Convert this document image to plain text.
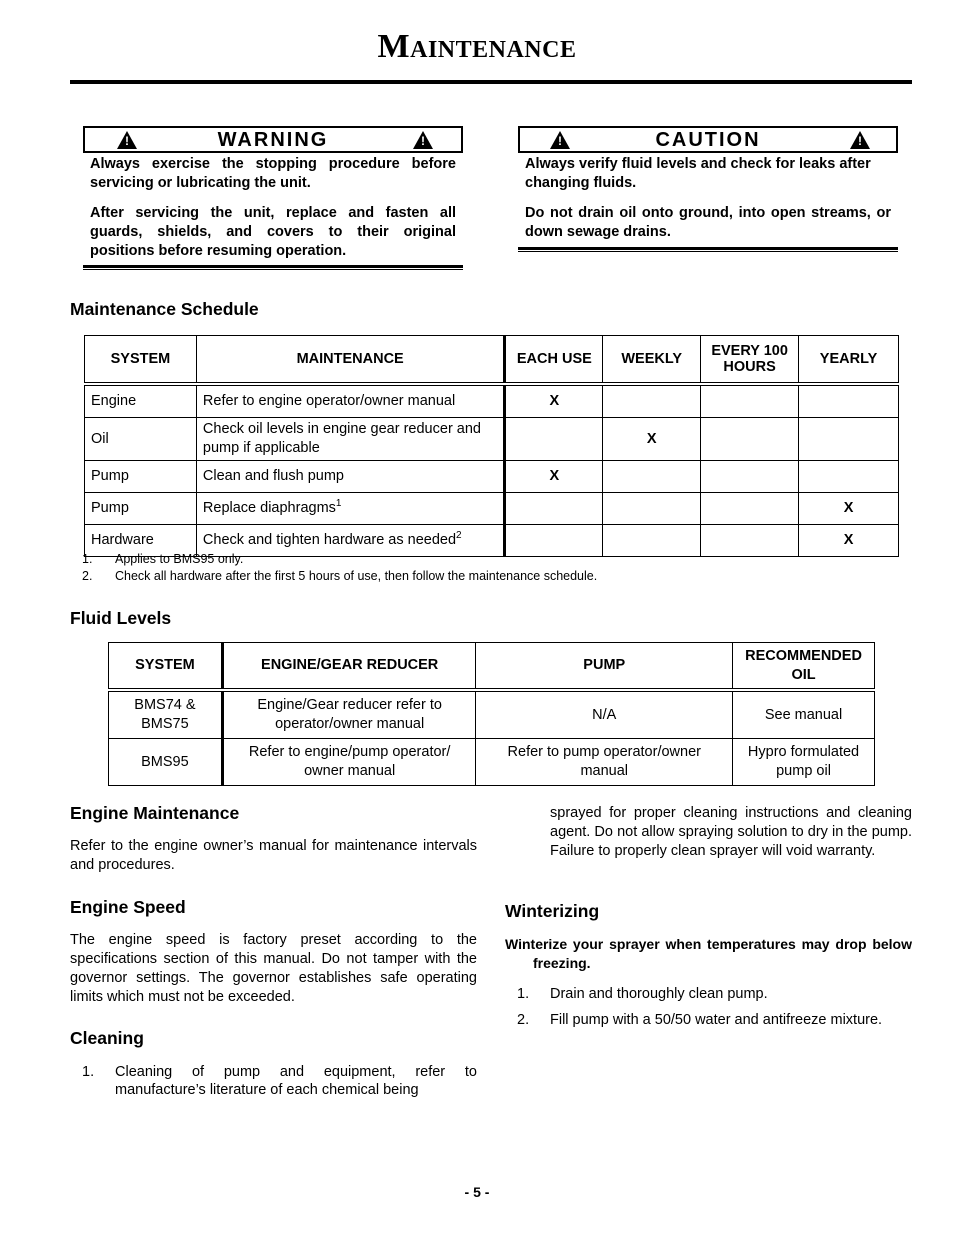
Maintenance
!	WARNING	!

Always exercise the stopping procedure before servicing or lubricating the unit.

After servicing the unit, replace and fasten all guards, shields, and covers to their original positions before resuming operation.

!	CAUTION	!

Always verify fluid levels and check for leaks after changing fluids.

Do not drain oil onto ground, into open streams, or down sewage drains.

Maintenance Schedule
SYSTEM	MAINTENANCE	EACH USE	WEEKLY	EVERY 100 HOURS	YEARLY
Engine	Refer to engine operator/owner manual	X			
Oil	Check oil levels in engine gear reducer and pump if applicable		X		
Pump	Clean and flush pump	X			
Pump	Replace diaphragms$^1$				X
Hardware	Check and tighten hardware as needed$^2$				X
1. Applies to BMS95 only.
2. Check all hardware after the first 5 hours of use, then follow the maintenance schedule.
Fluid Levels
SYSTEM	ENGINE/GEAR REDUCER	PUMP	RECOMMENDED OIL
BMS74 & BMS75	Engine/Gear reducer refer to operator/owner manual	N/A	See manual
BMS95	Refer to engine/pump operator/ owner manual	Refer to pump operator/owner manual	Hypro formulated pump oil
Engine Maintenance
Refer to the engine owner’s manual for maintenance intervals and procedures.
Engine Speed
The engine speed is factory preset according to the specifications section of this manual. Do not tamper with the governor settings. The governor establishes safe operating limits which must not be exceeded.
Cleaning
1. Cleaning of pump and equipment, refer to manufacture’s literature of each chemical being
sprayed for proper cleaning instructions and cleaning agent. Do not allow spraying solution to dry in the pump. Failure to properly clean sprayer will void warranty.
Winterizing
Winterize your sprayer when temperatures may drop below freezing.
1. Drain and thoroughly clean pump.
2. Fill pump with a 50/50 water and antifreeze mixture.
- 5 -
